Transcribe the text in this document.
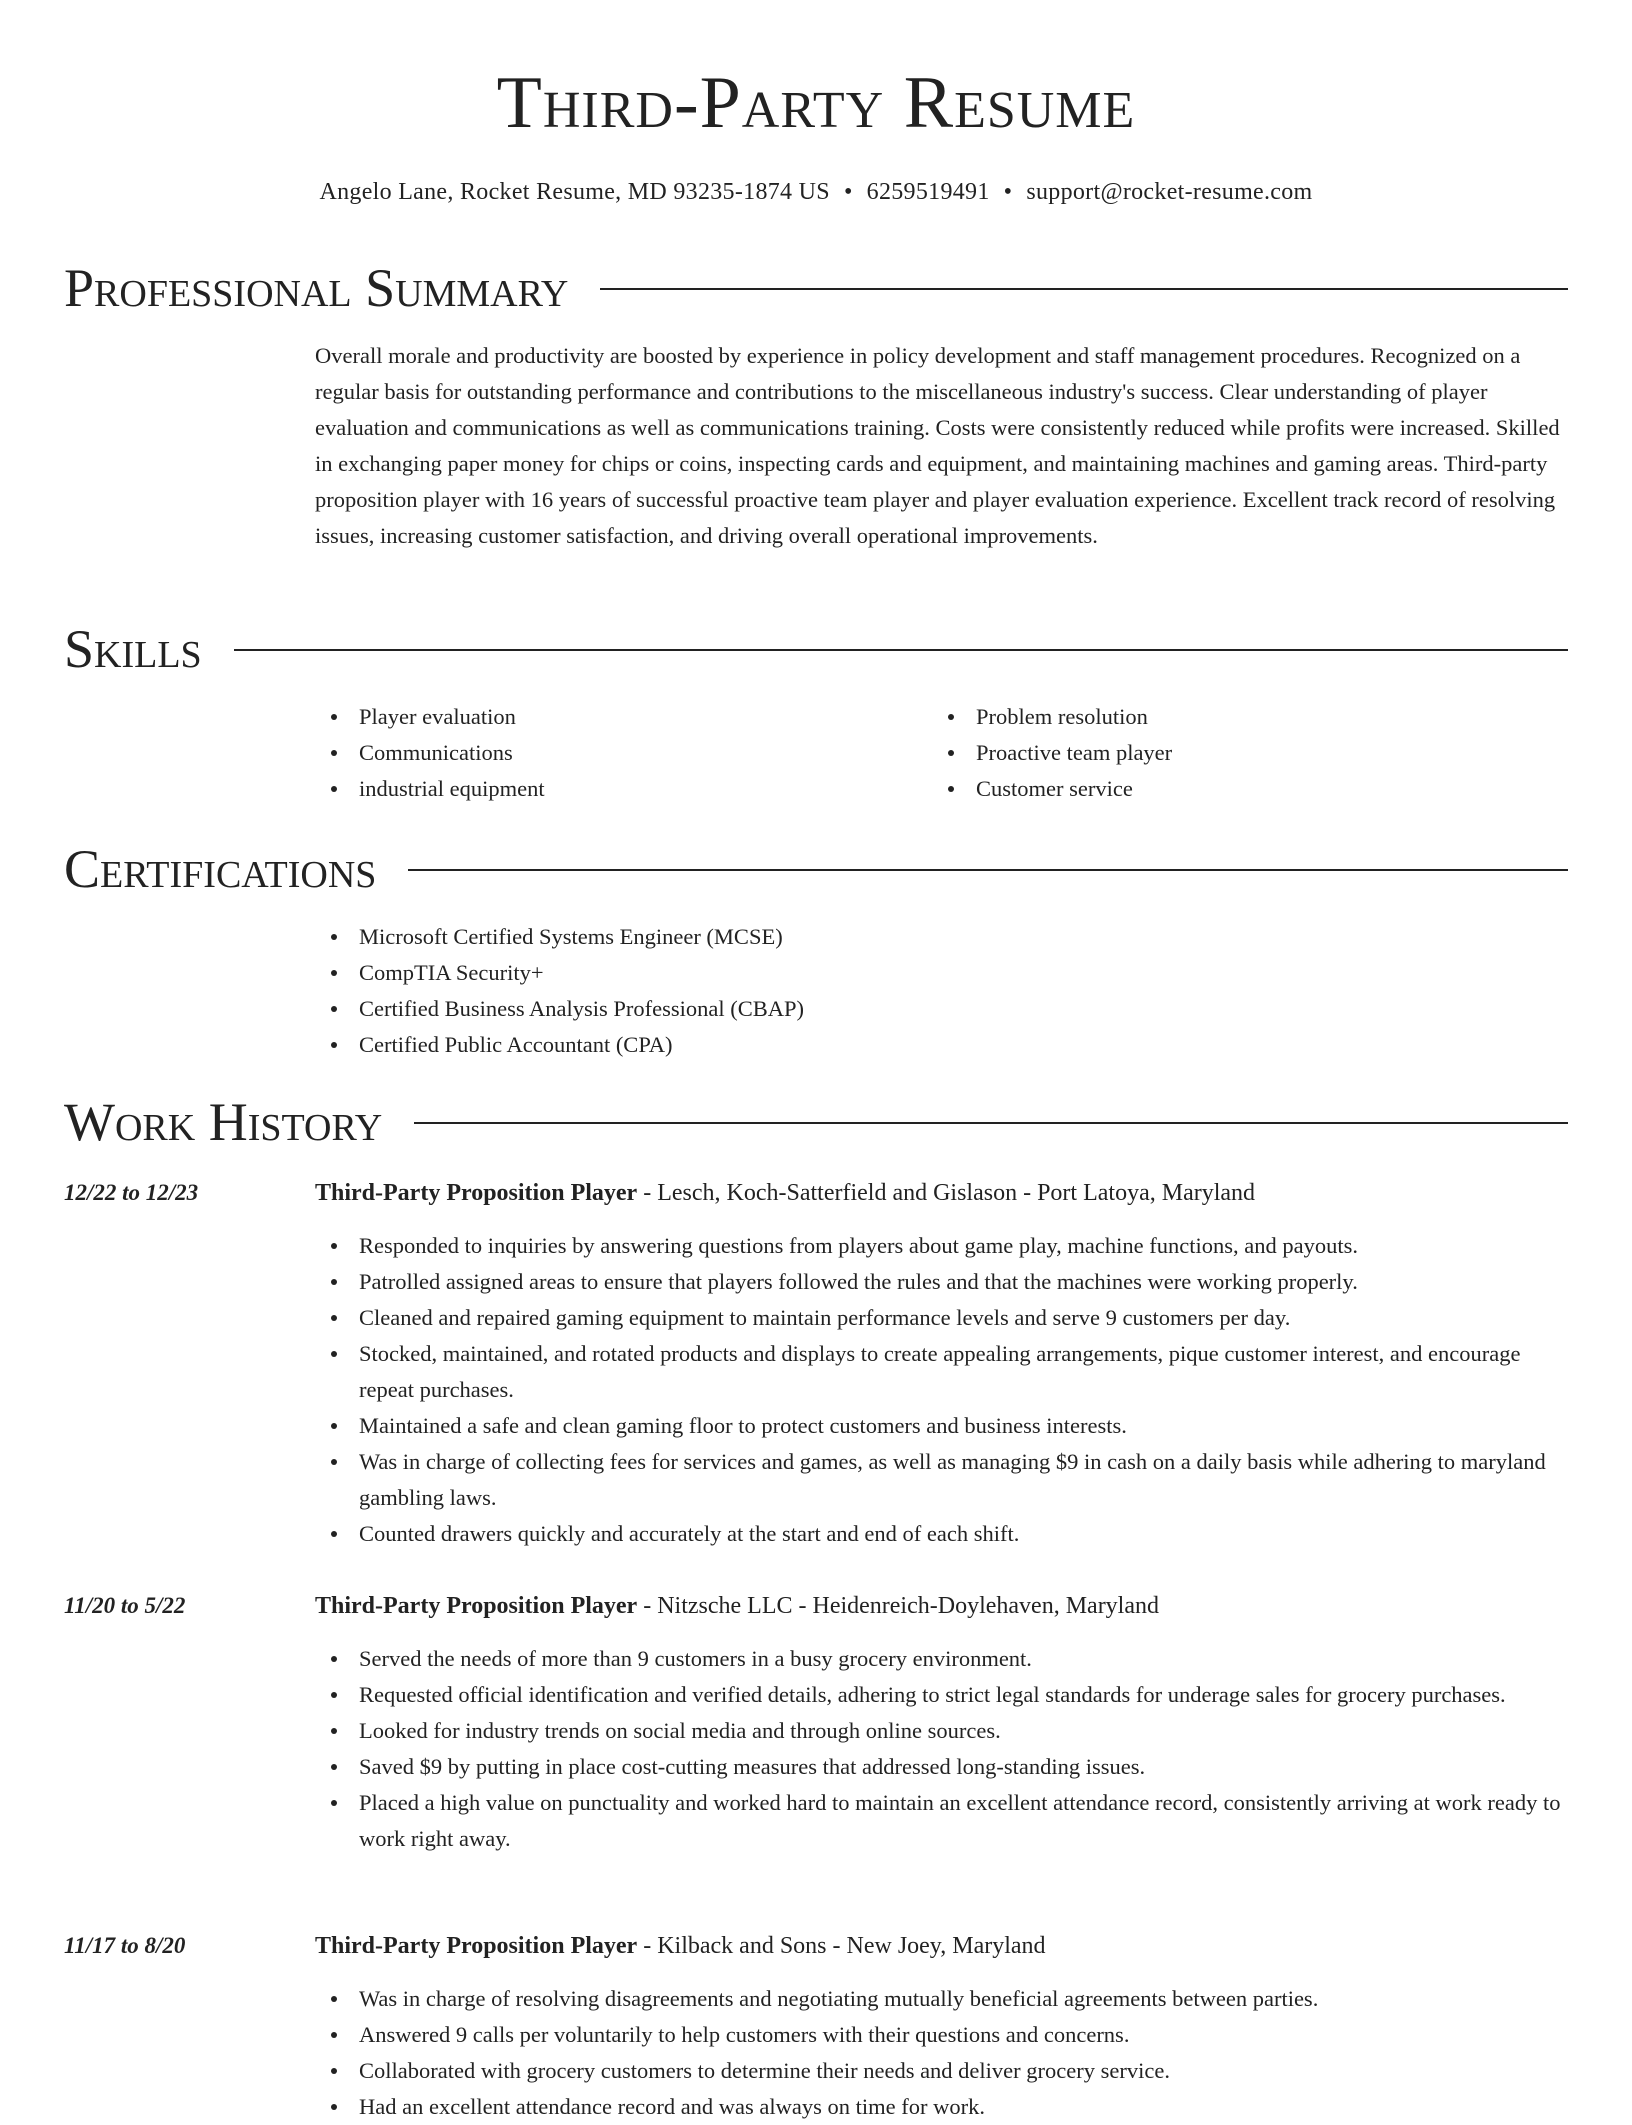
Third-Party Resume
Angelo Lane, Rocket Resume, MD 93235-1874 US • 6259519491 • support@rocket-resume.com
Professional Summary
Overall morale and productivity are boosted by experience in policy development and staff management procedures. Recognized on a regular basis for outstanding performance and contributions to the miscellaneous industry's success. Clear understanding of player evaluation and communications as well as communications training. Costs were consistently reduced while profits were increased. Skilled in exchanging paper money for chips or coins, inspecting cards and equipment, and maintaining machines and gaming areas. Third-party proposition player with 16 years of successful proactive team player and player evaluation experience. Excellent track record of resolving issues, increasing customer satisfaction, and driving overall operational improvements.
Skills
Player evaluation
Communications
industrial equipment
Problem resolution
Proactive team player
Customer service
Certifications
Microsoft Certified Systems Engineer (MCSE)
CompTIA Security+
Certified Business Analysis Professional (CBAP)
Certified Public Accountant (CPA)
Work History
12/22 to 12/23	Third-Party Proposition Player - Lesch, Koch-Satterfield and Gislason - Port Latoya, Maryland
Responded to inquiries by answering questions from players about game play, machine functions, and payouts.
Patrolled assigned areas to ensure that players followed the rules and that the machines were working properly.
Cleaned and repaired gaming equipment to maintain performance levels and serve 9 customers per day.
Stocked, maintained, and rotated products and displays to create appealing arrangements, pique customer interest, and encourage repeat purchases.
Maintained a safe and clean gaming floor to protect customers and business interests.
Was in charge of collecting fees for services and games, as well as managing $9 in cash on a daily basis while adhering to maryland gambling laws.
Counted drawers quickly and accurately at the start and end of each shift.
11/20 to 5/22	Third-Party Proposition Player - Nitzsche LLC - Heidenreich-Doylehaven, Maryland
Served the needs of more than 9 customers in a busy grocery environment.
Requested official identification and verified details, adhering to strict legal standards for underage sales for grocery purchases.
Looked for industry trends on social media and through online sources.
Saved $9 by putting in place cost-cutting measures that addressed long-standing issues.
Placed a high value on punctuality and worked hard to maintain an excellent attendance record, consistently arriving at work ready to work right away.
11/17 to 8/20	Third-Party Proposition Player - Kilback and Sons - New Joey, Maryland
Was in charge of resolving disagreements and negotiating mutually beneficial agreements between parties.
Answered 9 calls per voluntarily to help customers with their questions and concerns.
Collaborated with grocery customers to determine their needs and deliver grocery service.
Had an excellent attendance record and was always on time for work.
